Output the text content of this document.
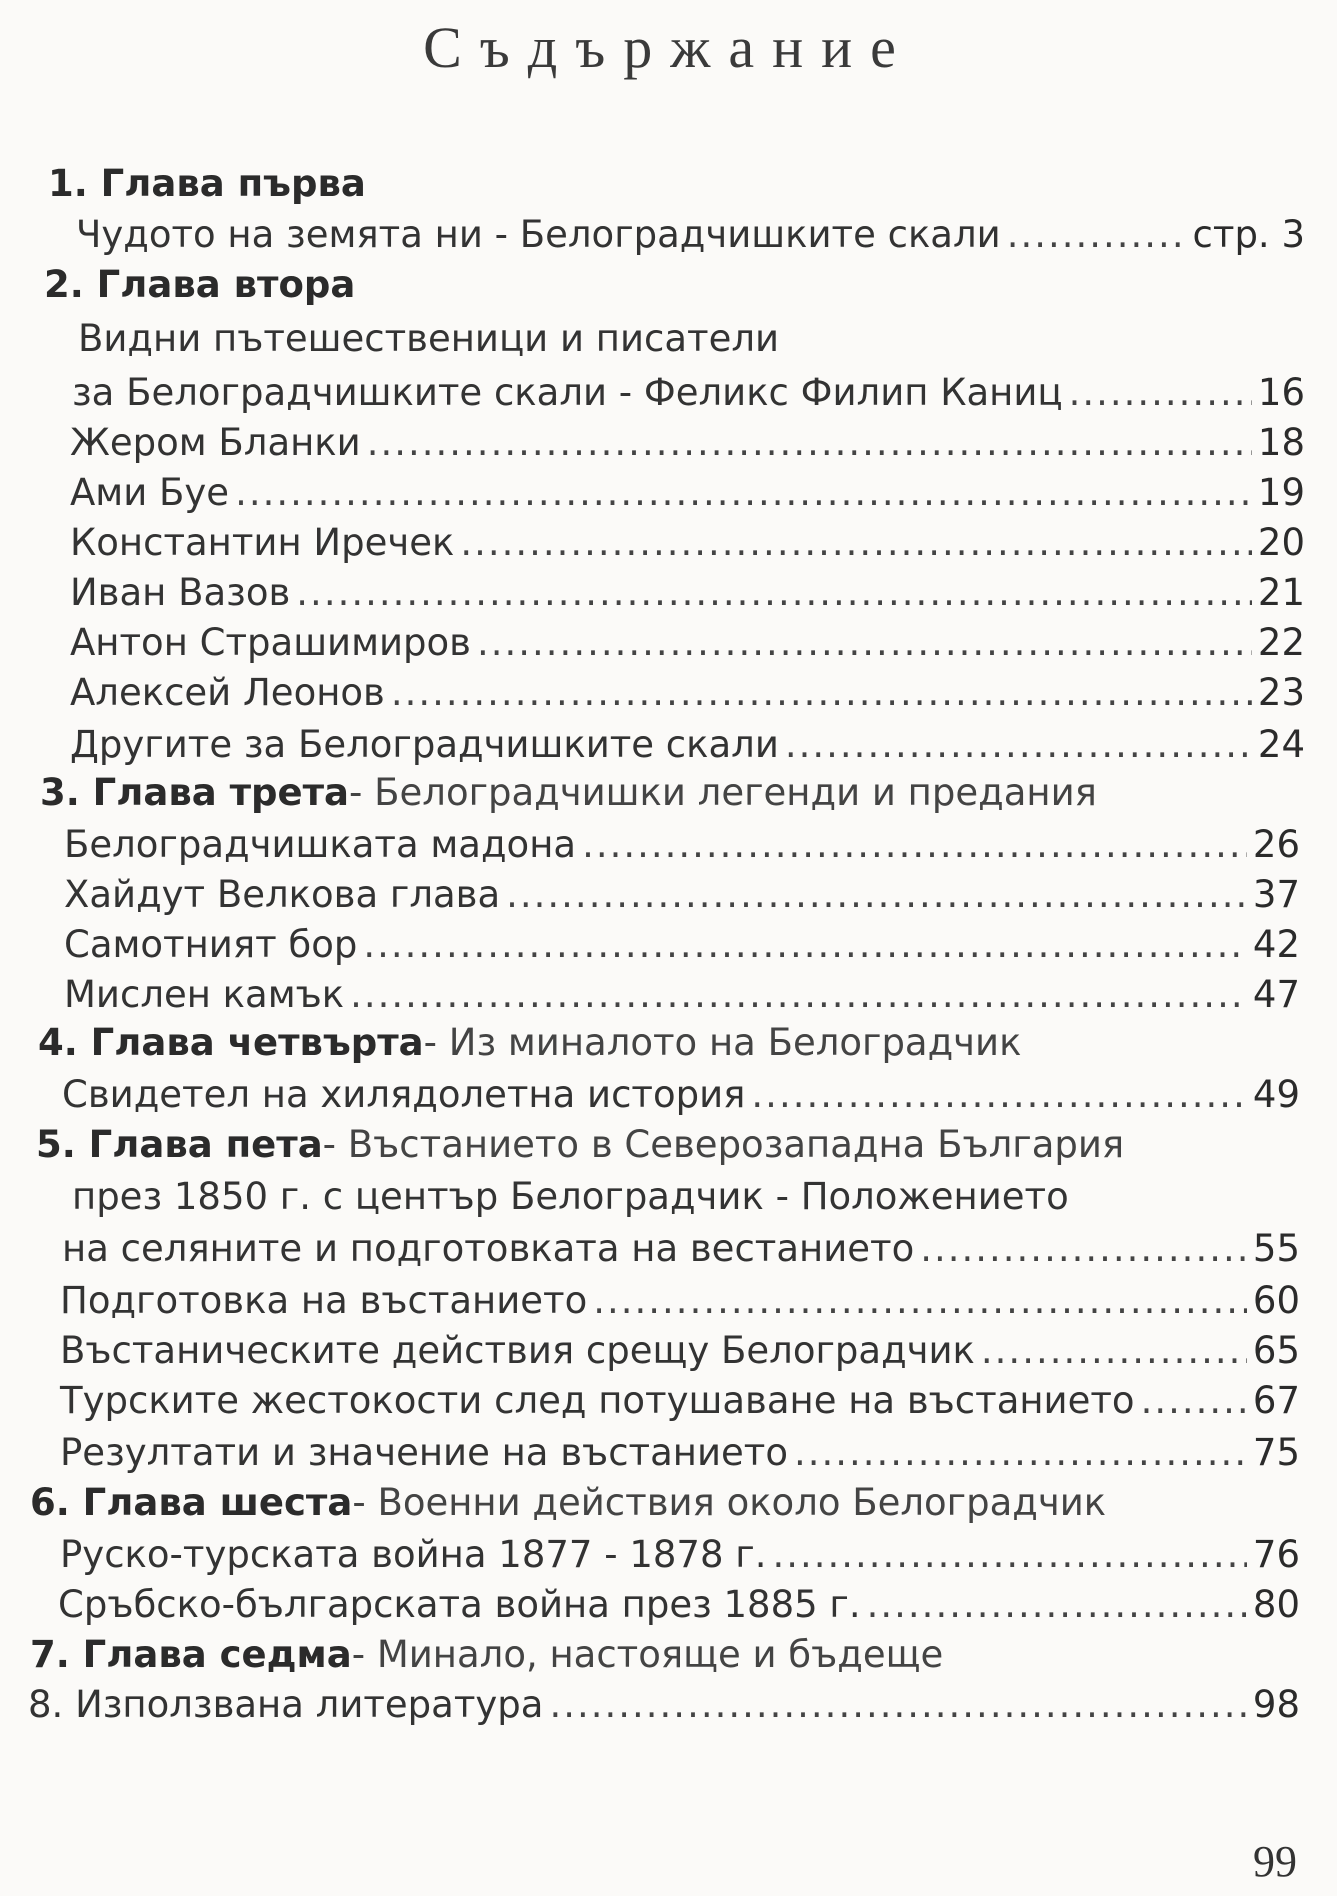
Съдържание
1. Глава първа
Чудото на земята ни - Белоградчишките скали .....	стр. 3
2. Глава втора
Видни пътешественици и писатели
за Белоградчишките скали - Феликс Филип Каниц .....	16
Жером Бланки .....	18
Ами Буе .....	19
Константин Иречек .....	20
Иван Вазов .....	21
Антон Страшимиров .....	22
Алексей Леонов .....	23
Другите за Белоградчишките скали .....	24
3. Глава трета - Белоградчишки легенди и предания
Белоградчишката мадона .....	26
Хайдут Велкова глава .....	37
Самотният бор .....	42
Мислен камък .....	47
4. Глава четвърта - Из миналото на Белоградчик
Свидетел на хилядолетна история .....	49
5. Глава пета - Въстанието в Северозападна България
през 1850 г. с център Белоградчик - Положението
на селяните и подготовката на вестанието .....	55
Подготовка на въстанието .....	60
Въстаническите действия срещу Белоградчик .....	65
Турските жестокости след потушаване на въстанието .....	67
Резултати и значение на въстанието .....	75
6. Глава шеста - Военни действия около Белоградчик
Руско-турската война 1877 - 1878 г. .....	76
Сръбско-българската война през 1885 г. .....	80
7. Глава седма - Минало, настояще и бъдеще
8. Използвана литература .....	98
99
